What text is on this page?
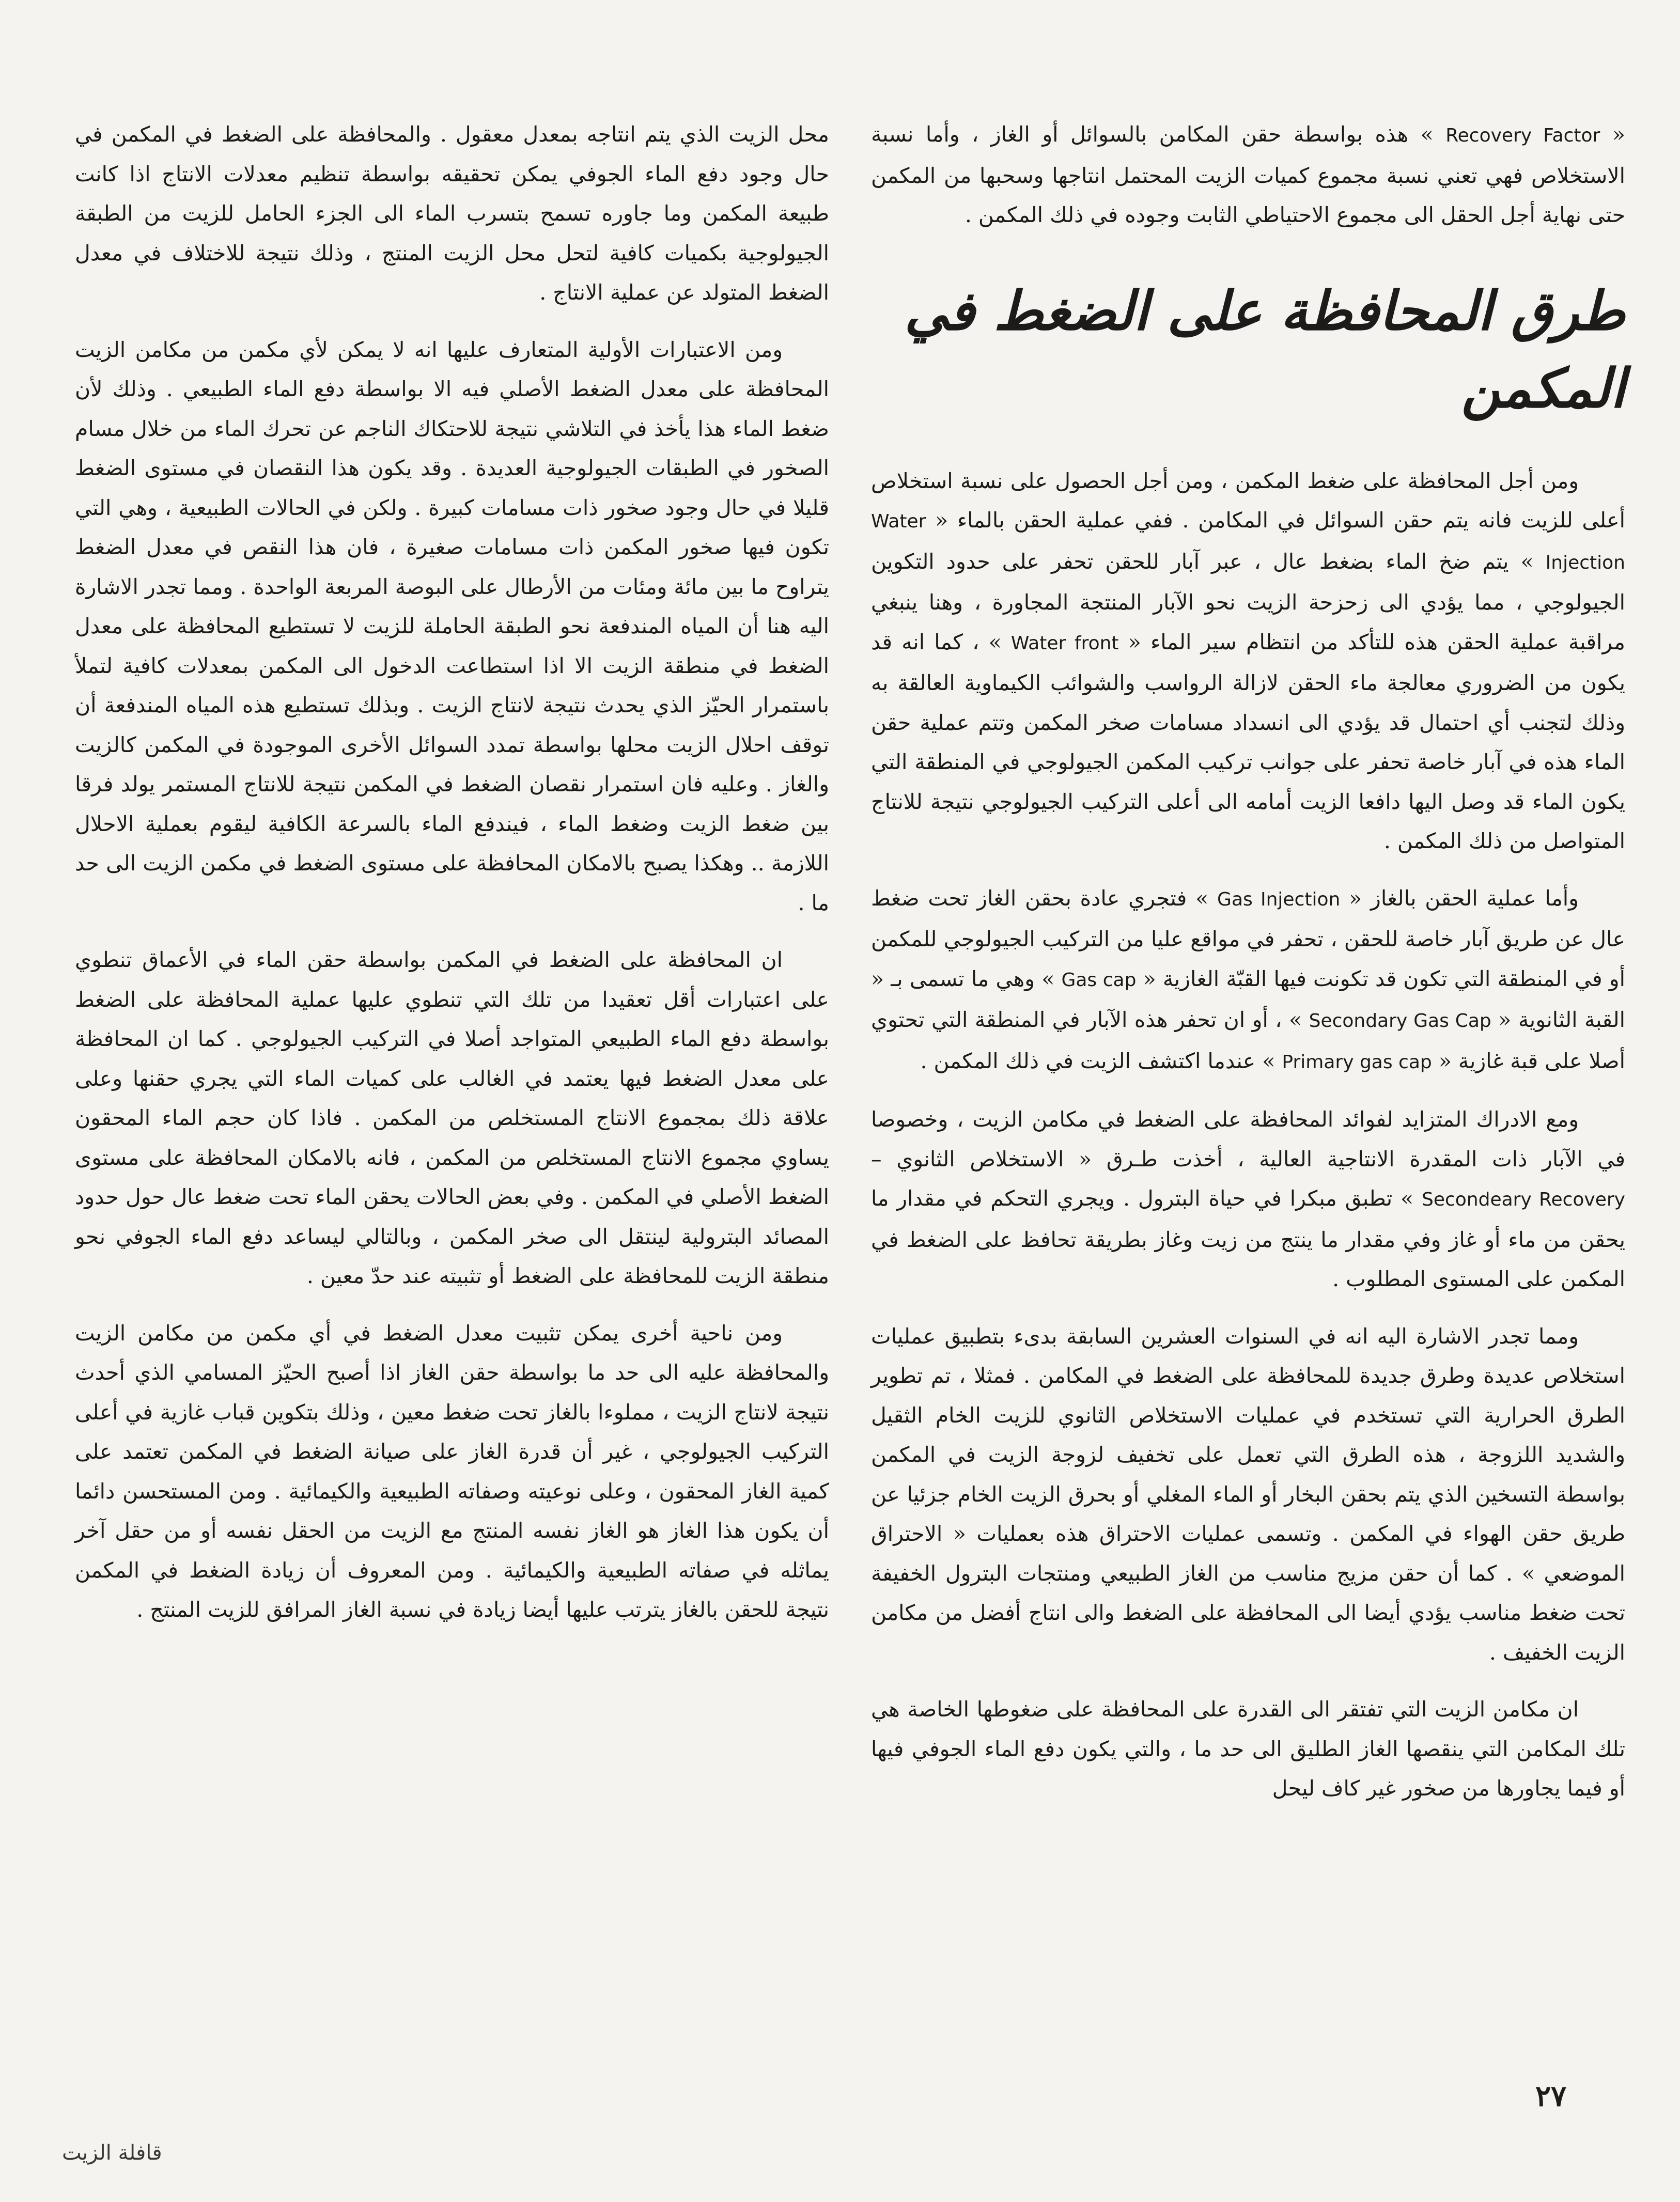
« Recovery Factor » هذه بواسطة حقن المكامن بالسوائل أو الغاز ، وأما نسبة الاستخلاص فهي تعني نسبة مجموع كميات الزيت المحتمل انتاجها وسحبها من المكمن حتى نهاية أجل الحقل الى مجموع الاحتياطي الثابت وجوده في ذلك المكمن .

طرق المحافظة على الضغط في المكمن

ومن أجل المحافظة على ضغط المكمن ، ومن أجل الحصول على نسبة استخلاص أعلى للزيت فانه يتم حقن السوائل في المكامن . ففي عملية الحقن بالماء « Water Injection » يتم ضخ الماء بضغط عال ، عبر آبار للحقن تحفر على حدود التكوين الجيولوجي ، مما يؤدي الى زحزحة الزيت نحو الآبار المنتجة المجاورة ، وهنا ينبغي مراقبة عملية الحقن هذه للتأكد من انتظام سير الماء « Water front » ، كما انه قد يكون من الضروري معالجة ماء الحقن لازالة الرواسب والشوائب الكيماوية العالقة به وذلك لتجنب أي احتمال قد يؤدي الى انسداد مسامات صخر المكمن وتتم عملية حقن الماء هذه في آبار خاصة تحفر على جوانب تركيب المكمن الجيولوجي في المنطقة التي يكون الماء قد وصل اليها دافعا الزيت أمامه الى أعلى التركيب الجيولوجي نتيجة للانتاج المتواصل من ذلك المكمن .

وأما عملية الحقن بالغاز « Gas Injection » فتجري عادة بحقن الغاز تحت ضغط عال عن طريق آبار خاصة للحقن ، تحفر في مواقع عليا من التركيب الجيولوجي للمكمن أو في المنطقة التي تكون قد تكونت فيها القبّة الغازية « Gas cap » وهي ما تسمى بـ « القبة الثانوية « Secondary Gas Cap » ، أو ان تحفر هذه الآبار في المنطقة التي تحتوي أصلا على قبة غازية « Primary gas cap » عندما اكتشف الزيت في ذلك المكمن .

ومع الادراك المتزايد لفوائد المحافظة على الضغط في مكامن الزيت ، وخصوصا في الآبار ذات المقدرة الانتاجية العالية ، أخذت طـرق « الاستخلاص الثانوي – Secondeary Recovery » تطبق مبكرا في حياة البترول . ويجري التحكم في مقدار ما يحقن من ماء أو غاز وفي مقدار ما ينتج من زيت وغاز بطريقة تحافظ على الضغط في المكمن على المستوى المطلوب .

ومما تجدر الاشارة اليه انه في السنوات العشرين السابقة بدىء بتطبيق عمليات استخلاص عديدة وطرق جديدة للمحافظة على الضغط في المكامن . فمثلا ، تم تطوير الطرق الحرارية التي تستخدم في عمليات الاستخلاص الثانوي للزيت الخام الثقيل والشديد اللزوجة ، هذه الطرق التي تعمل على تخفيف لزوجة الزيت في المكمن بواسطة التسخين الذي يتم بحقن البخار أو الماء المغلي أو بحرق الزيت الخام جزئيا عن طريق حقن الهواء في المكمن . وتسمى عمليات الاحتراق هذه بعمليات « الاحتراق الموضعي » . كما أن حقن مزيج مناسب من الغاز الطبيعي ومنتجات البترول الخفيفة تحت ضغط مناسب يؤدي أيضا الى المحافظة على الضغط والى انتاج أفضل من مكامن الزيت الخفيف .

ان مكامن الزيت التي تفتقر الى القدرة على المحافظة على ضغوطها الخاصة هي تلك المكامن التي ينقصها الغاز الطليق الى حد ما ، والتي يكون دفع الماء الجوفي فيها أو فيما يجاورها من صخور غير كاف ليحل

محل الزيت الذي يتم انتاجه بمعدل معقول . والمحافظة على الضغط في المكمن في حال وجود دفع الماء الجوفي يمكن تحقيقه بواسطة تنظيم معدلات الانتاج اذا كانت طبيعة المكمن وما جاوره تسمح بتسرب الماء الى الجزء الحامل للزيت من الطبقة الجيولوجية بكميات كافية لتحل محل الزيت المنتج ، وذلك نتيجة للاختلاف في معدل الضغط المتولد عن عملية الانتاج .

ومن الاعتبارات الأولية المتعارف عليها انه لا يمكن لأي مكمن من مكامن الزيت المحافظة على معدل الضغط الأصلي فيه الا بواسطة دفع الماء الطبيعي . وذلك لأن ضغط الماء هذا يأخذ في التلاشي نتيجة للاحتكاك الناجم عن تحرك الماء من خلال مسام الصخور في الطبقات الجيولوجية العديدة . وقد يكون هذا النقصان في مستوى الضغط قليلا في حال وجود صخور ذات مسامات كبيرة . ولكن في الحالات الطبيعية ، وهي التي تكون فيها صخور المكمن ذات مسامات صغيرة ، فان هذا النقص في معدل الضغط يتراوح ما بين مائة ومئات من الأرطال على البوصة المربعة الواحدة . ومما تجدر الاشارة اليه هنا أن المياه المندفعة نحو الطبقة الحاملة للزيت لا تستطيع المحافظة على معدل الضغط في منطقة الزيت الا اذا استطاعت الدخول الى المكمن بمعدلات كافية لتملأ باستمرار الحيّز الذي يحدث نتيجة لانتاج الزيت . وبذلك تستطيع هذه المياه المندفعة أن توقف احلال الزيت محلها بواسطة تمدد السوائل الأخرى الموجودة في المكمن كالزيت والغاز . وعليه فان استمرار نقصان الضغط في المكمن نتيجة للانتاج المستمر يولد فرقا بين ضغط الزيت وضغط الماء ، فيندفع الماء بالسرعة الكافية ليقوم بعملية الاحلال اللازمة .. وهكذا يصبح بالامكان المحافظة على مستوى الضغط في مكمن الزيت الى حد ما .

ان المحافظة على الضغط في المكمن بواسطة حقن الماء في الأعماق تنطوي على اعتبارات أقل تعقيدا من تلك التي تنطوي عليها عملية المحافظة على الضغط بواسطة دفع الماء الطبيعي المتواجد أصلا في التركيب الجيولوجي . كما ان المحافظة على معدل الضغط فيها يعتمد في الغالب على كميات الماء التي يجري حقنها وعلى علاقة ذلك بمجموع الانتاج المستخلص من المكمن . فاذا كان حجم الماء المحقون يساوي مجموع الانتاج المستخلص من المكمن ، فانه بالامكان المحافظة على مستوى الضغط الأصلي في المكمن . وفي بعض الحالات يحقن الماء تحت ضغط عال حول حدود المصائد البترولية لينتقل الى صخر المكمن ، وبالتالي ليساعد دفع الماء الجوفي نحو منطقة الزيت للمحافظة على الضغط أو تثبيته عند حدّ معين .

ومن ناحية أخرى يمكن تثبيت معدل الضغط في أي مكمن من مكامن الزيت والمحافظة عليه الى حد ما بواسطة حقن الغاز اذا أصبح الحيّز المسامي الذي أحدث نتيجة لانتاج الزيت ، مملوءا بالغاز تحت ضغط معين ، وذلك بتكوين قباب غازية في أعلى التركيب الجيولوجي ، غير أن قدرة الغاز على صيانة الضغط في المكمن تعتمد على كمية الغاز المحقون ، وعلى نوعيته وصفاته الطبيعية والكيمائية . ومن المستحسن دائما أن يكون هذا الغاز هو الغاز نفسه المنتج مع الزيت من الحقل نفسه أو من حقل آخر يماثله في صفاته الطبيعية والكيمائية . ومن المعروف أن زيادة الضغط في المكمن نتيجة للحقن بالغاز يترتب عليها أيضا زيادة في نسبة الغاز المرافق للزيت المنتج .

٢٧
قافلة الزيت
